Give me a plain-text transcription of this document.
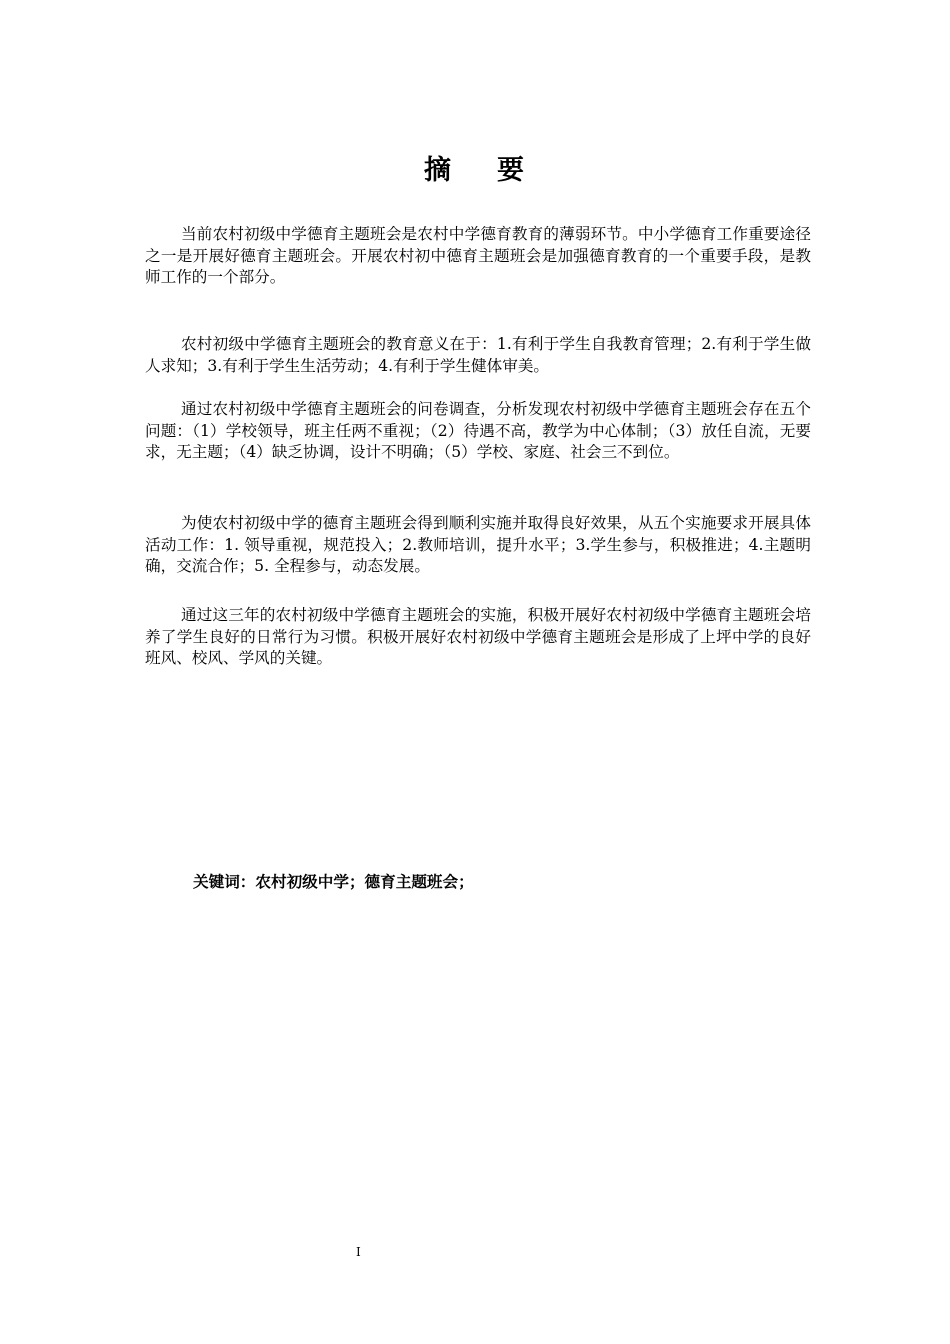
摘 要

当前农村初级中学德育主题班会是农村中学德育教育的薄弱环节。中小学德育工作重要途径之一是开展好德育主题班会。开展农村初中德育主题班会是加强德育教育的一个重要手段，是教师工作的一个部分。

农村初级中学德育主题班会的教育意义在于：1.有利于学生自我教育管理；2.有利于学生做人求知；3.有利于学生生活劳动；4.有利于学生健体审美。

通过农村初级中学德育主题班会的问卷调查，分析发现农村初级中学德育主题班会存在五个问题：（1）学校领导，班主任两不重视；（2）待遇不高，教学为中心体制；（3）放任自流，无要求，无主题；（4）缺乏协调，设计不明确；（5）学校、家庭、社会三不到位。

为使农村初级中学的德育主题班会得到顺利实施并取得良好效果，从五个实施要求开展具体活动工作：1. 领导重视，规范投入；2.教师培训，提升水平；3.学生参与，积极推进；4.主题明确，交流合作；5. 全程参与，动态发展。

通过这三年的农村初级中学德育主题班会的实施，积极开展好农村初级中学德育主题班会培养了学生良好的日常行为习惯。积极开展好农村初级中学德育主题班会是形成了上坪中学的良好班风、校风、学风的关键。

关键词：农村初级中学；德育主题班会；
I
